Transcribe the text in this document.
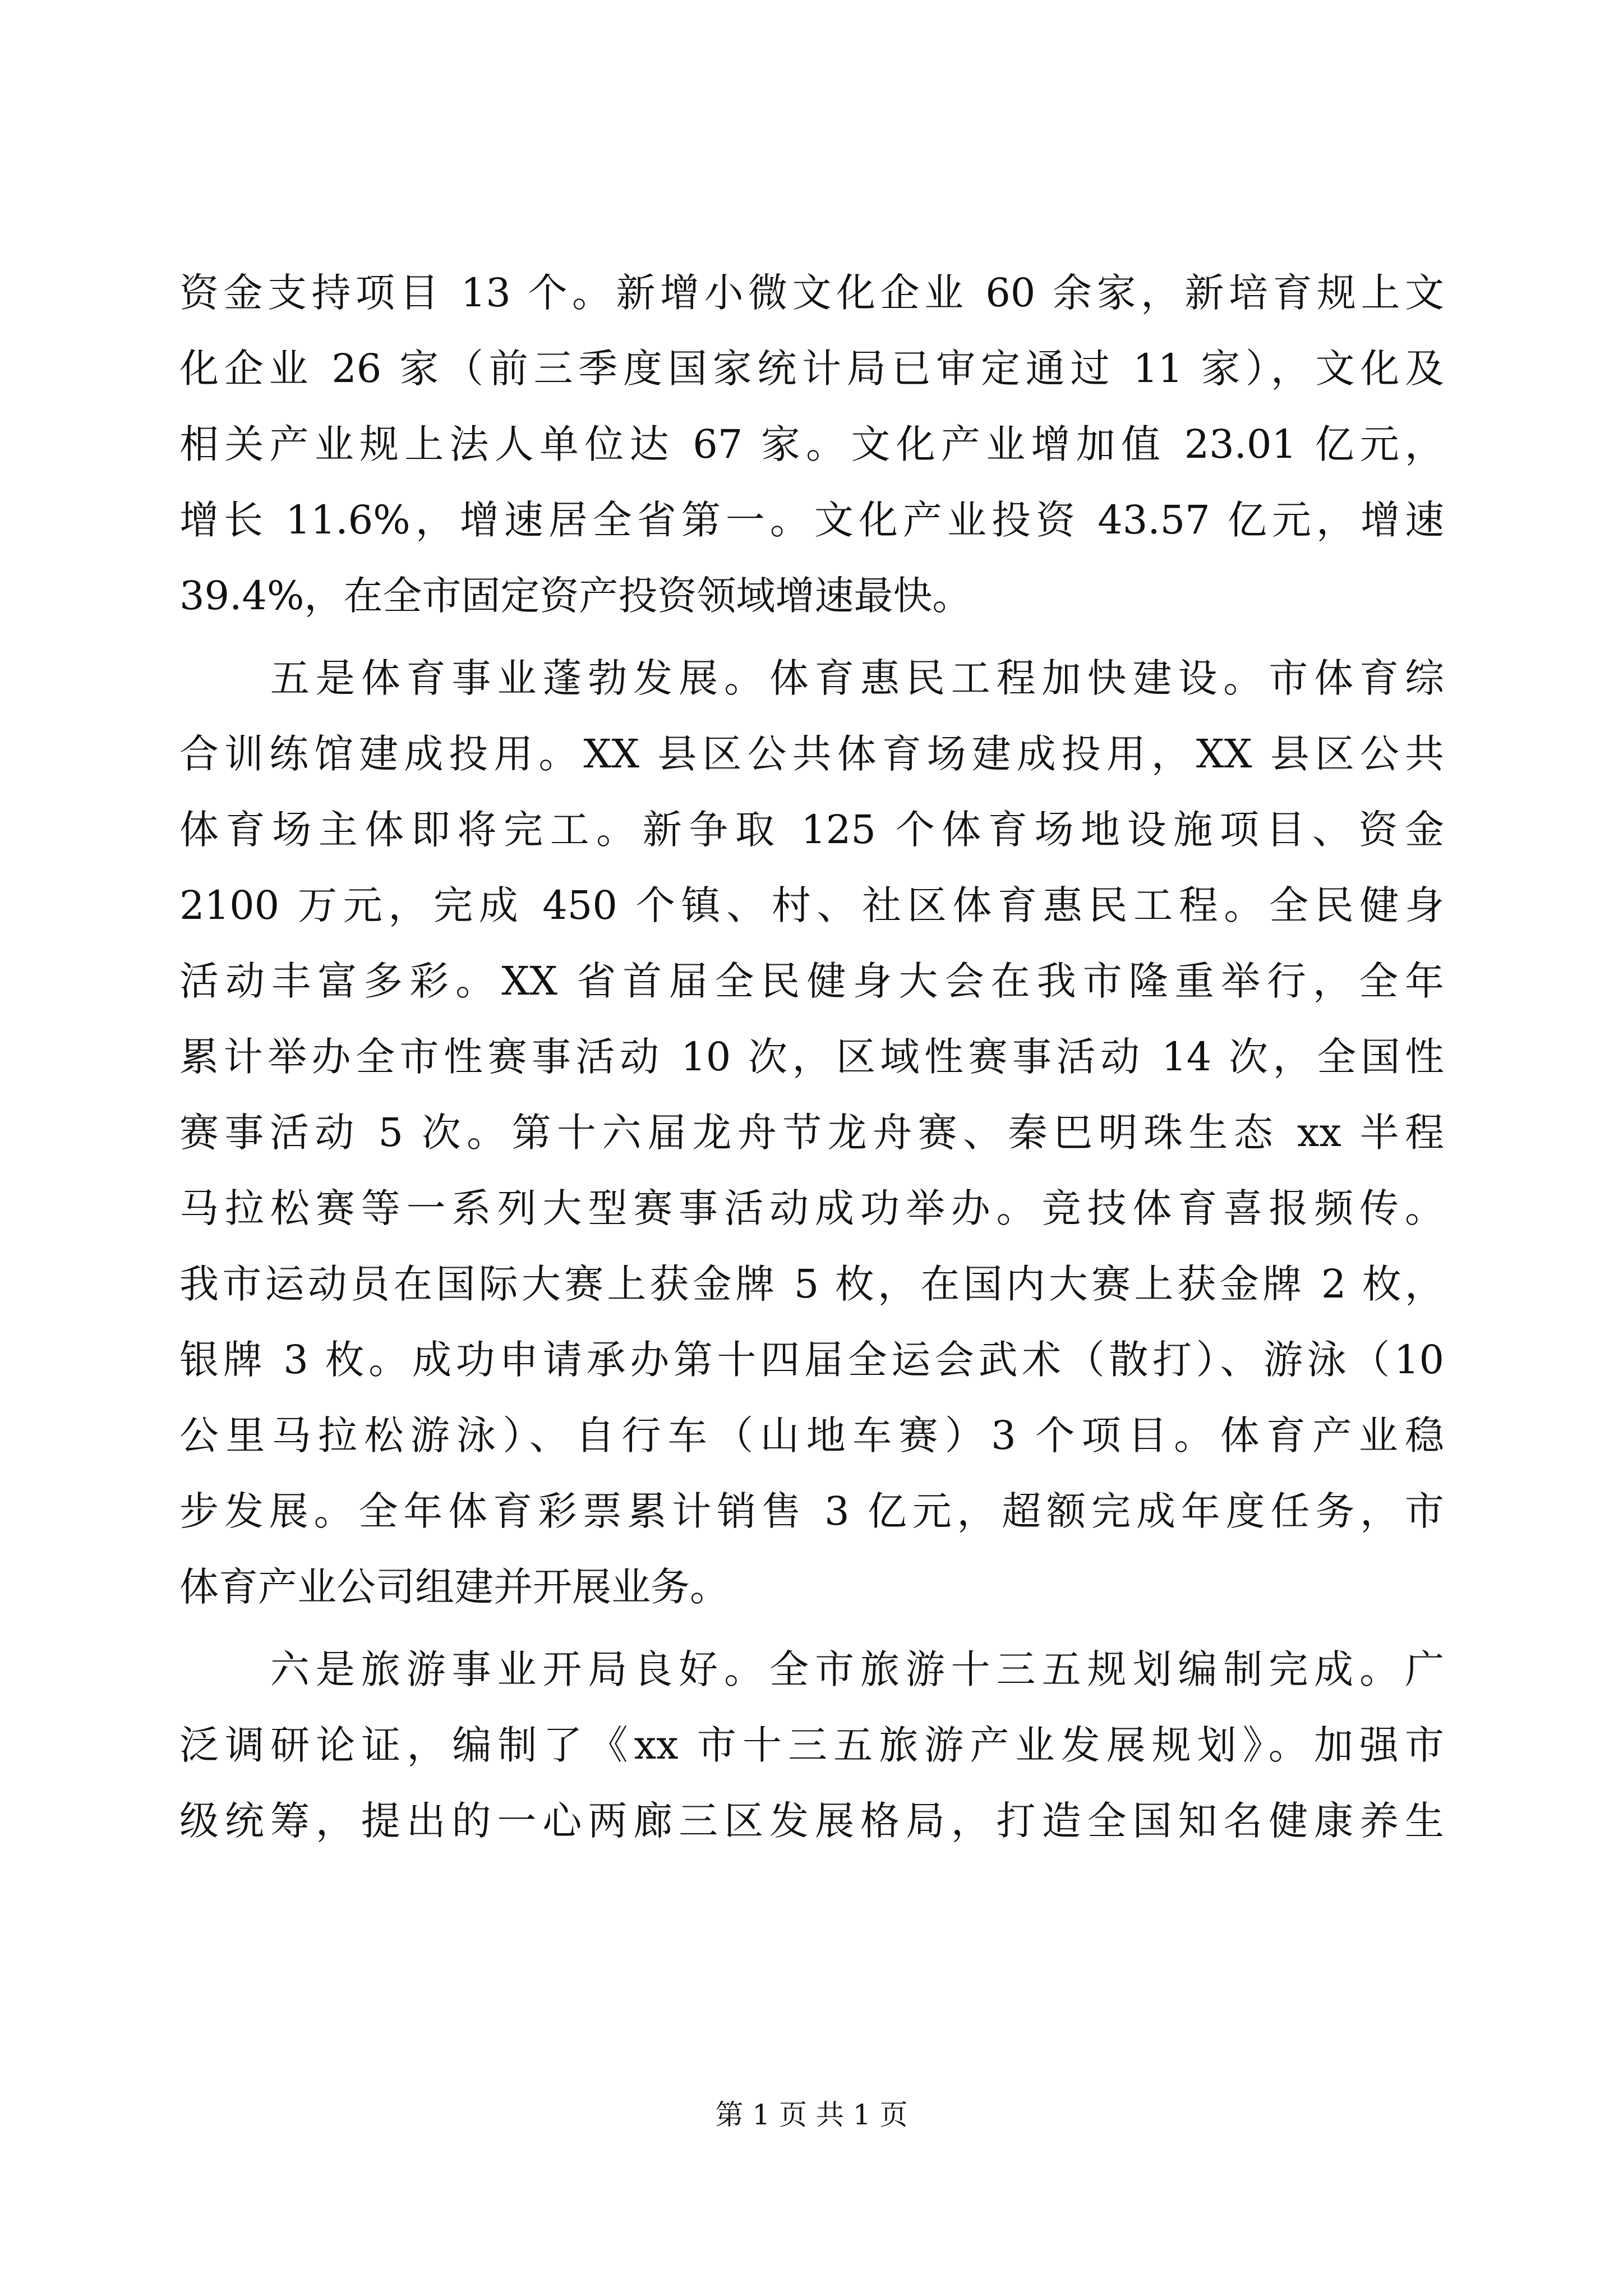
资金支持项目 13 个。新增小微文化企业 60 余家，新培育规上文
化企业 26 家（前三季度国家统计局已审定通过 11 家），文化及
相关产业规上法人单位达 67 家。文化产业增加值 23.01 亿元，
增长 11.6%，增速居全省第一。文化产业投资 43.57 亿元，增速
39.4%，在全市固定资产投资领域增速最快。
　　五是体育事业蓬勃发展。体育惠民工程加快建设。市体育综
合训练馆建成投用。XX 县区公共体育场建成投用，XX 县区公共
体育场主体即将完工。新争取 125 个体育场地设施项目、资金
2100 万元，完成 450 个镇、村、社区体育惠民工程。全民健身
活动丰富多彩。XX 省首届全民健身大会在我市隆重举行，全年
累计举办全市性赛事活动 10 次，区域性赛事活动 14 次，全国性
赛事活动 5 次。第十六届龙舟节龙舟赛、秦巴明珠生态 xx 半程
马拉松赛等一系列大型赛事活动成功举办。竞技体育喜报频传。
我市运动员在国际大赛上获金牌 5 枚，在国内大赛上获金牌 2 枚，
银牌 3 枚。成功申请承办第十四届全运会武术（散打）、游泳（10
公里马拉松游泳）、自行车（山地车赛）3 个项目。体育产业稳
步发展。全年体育彩票累计销售 3 亿元，超额完成年度任务，市
体育产业公司组建并开展业务。
　　六是旅游事业开局良好。全市旅游十三五规划编制完成。广
泛调研论证，编制了《xx 市十三五旅游产业发展规划》。加强市
级统筹，提出的一心两廊三区发展格局，打造全国知名健康养生
第 1 页 共 1 页
